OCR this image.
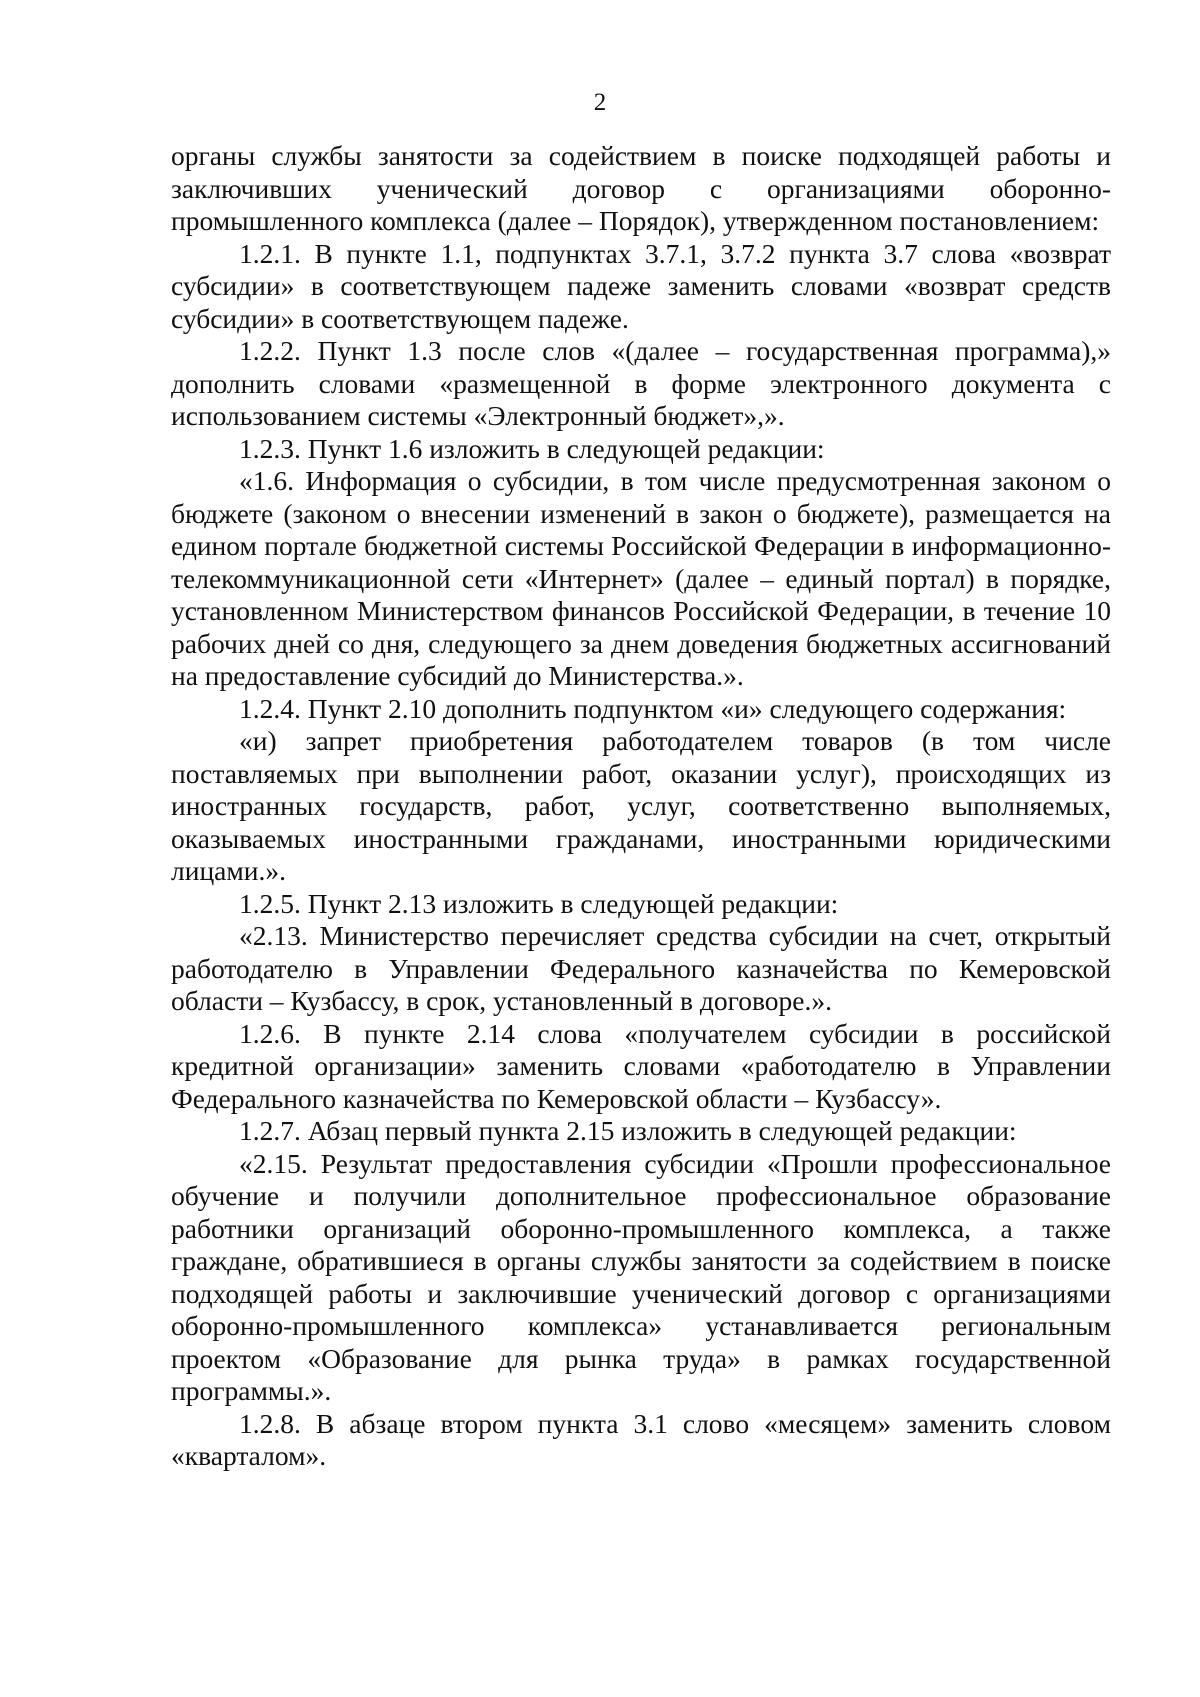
2

органы службы занятости за содействием в поиске подходящей работы и заключивших ученический договор с организациями оборонно-промышленного комплекса (далее – Порядок), утвержденном постановлением:

1.2.1. В пункте 1.1, подпунктах 3.7.1, 3.7.2 пункта 3.7 слова «возврат субсидии» в соответствующем падеже заменить словами «возврат средств субсидии» в соответствующем падеже.

1.2.2. Пункт 1.3 после слов «(далее – государственная программа),» дополнить словами «размещенной в форме электронного документа с использованием системы «Электронный бюджет»,».

1.2.3. Пункт 1.6 изложить в следующей редакции:

«1.6. Информация о субсидии, в том числе предусмотренная законом о бюджете (законом о внесении изменений в закон о бюджете), размещается на едином портале бюджетной системы Российской Федерации в информационно-телекоммуникационной сети «Интернет» (далее – единый портал) в порядке, установленном Министерством финансов Российской Федерации, в течение 10 рабочих дней со дня, следующего за днем доведения бюджетных ассигнований на предоставление субсидий до Министерства.».

1.2.4. Пункт 2.10 дополнить подпунктом «и» следующего содержания:

«и) запрет приобретения работодателем товаров (в том числе поставляемых при выполнении работ, оказании услуг), происходящих из иностранных государств, работ, услуг, соответственно выполняемых, оказываемых иностранными гражданами, иностранными юридическими лицами.».

1.2.5. Пункт 2.13 изложить в следующей редакции:

«2.13. Министерство перечисляет средства субсидии на счет, открытый работодателю в Управлении Федерального казначейства по Кемеровской области – Кузбассу, в срок, установленный в договоре.».

1.2.6. В пункте 2.14 слова «получателем субсидии в российской кредитной организации» заменить словами «работодателю в Управлении Федерального казначейства по Кемеровской области – Кузбассу».

1.2.7. Абзац первый пункта 2.15 изложить в следующей редакции:

«2.15. Результат предоставления субсидии «Прошли профессиональное обучение и получили дополнительное профессиональное образование работники организаций оборонно-промышленного комплекса, а также граждане, обратившиеся в органы службы занятости за содействием в поиске подходящей работы и заключившие ученический договор с организациями оборонно-промышленного комплекса» устанавливается региональным проектом «Образование для рынка труда» в рамках государственной программы.».

1.2.8. В абзаце втором пункта 3.1 слово «месяцем» заменить словом «кварталом».
